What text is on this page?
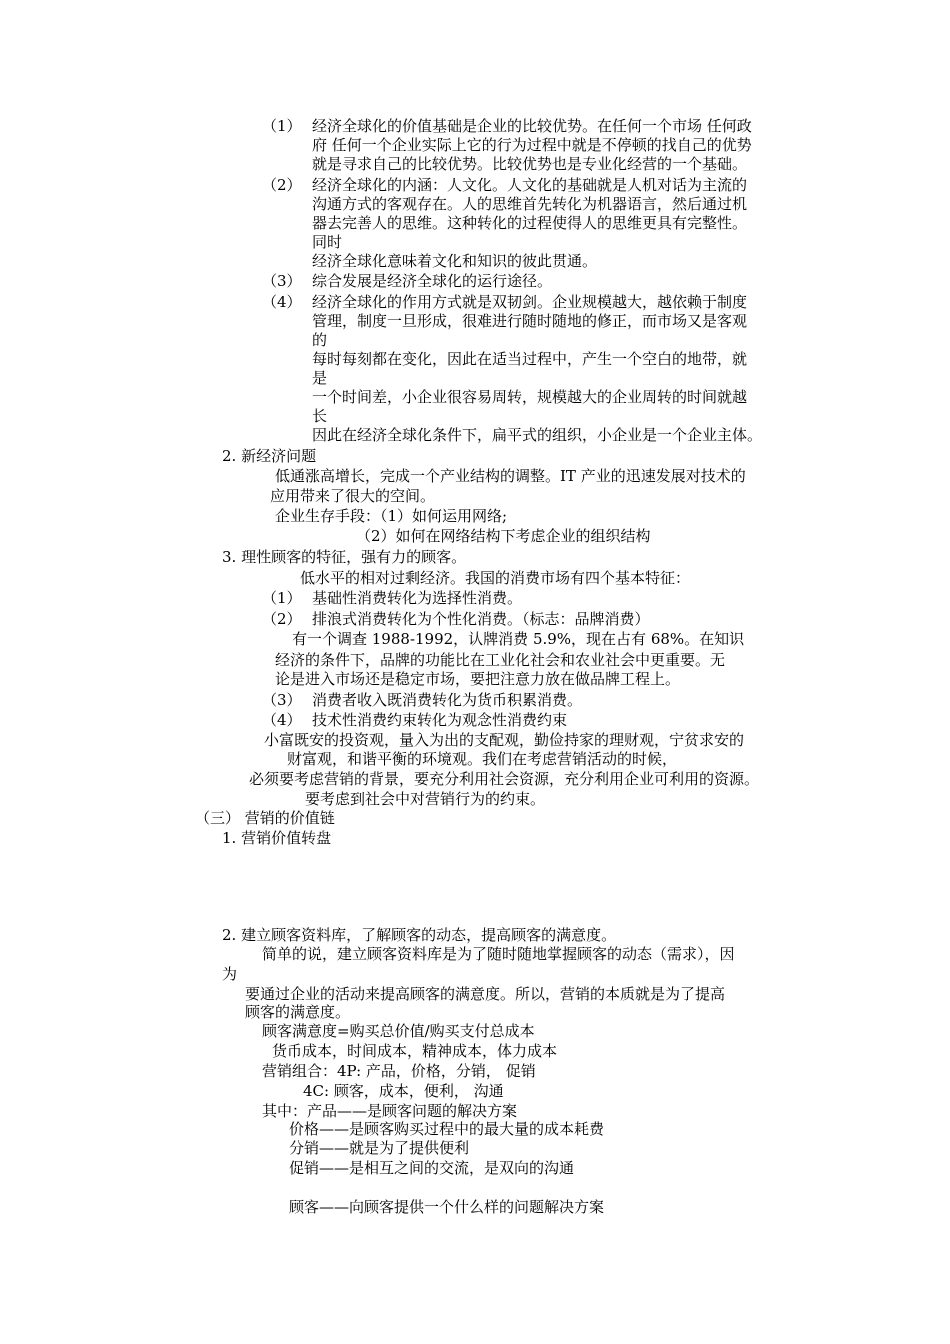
（1） 经济全球化的价值基础是企业的比较优势。在任何一个市场 任何政
府 任何一个企业实际上它的行为过程中就是不停顿的找自己的优势
就是寻求自己的比较优势。比较优势也是专业化经营的一个基础。
（2） 经济全球化的内涵：人文化。人文化的基础就是人机对话为主流的
沟通方式的客观存在。人的思维首先转化为机器语言，然后通过机
器去完善人的思维。这种转化的过程使得人的思维更具有完整性。
同时
经济全球化意味着文化和知识的彼此贯通。
（3） 综合发展是经济全球化的运行途径。
（4） 经济全球化的作用方式就是双韧剑。企业规模越大，越依赖于制度
管理，制度一旦形成，很难进行随时随地的修正，而市场又是客观
的
每时每刻都在变化，因此在适当过程中，产生一个空白的地带，就
是
一个时间差，小企业很容易周转，规模越大的企业周转的时间就越
长
因此在经济全球化条件下，扁平式的组织，小企业是一个企业主体。
2. 新经济问题
低通涨高增长，完成一个产业结构的调整。IT 产业的迅速发展对技术的
应用带来了很大的空间。
企业生存手段：（1）如何运用网络;
（2）如何在网络结构下考虑企业的组织结构
3. 理性顾客的特征，强有力的顾客。
低水平的相对过剩经济。我国的消费市场有四个基本特征：
（1） 基础性消费转化为选择性消费。
（2） 排浪式消费转化为个性化消费。（标志：品牌消费）
有一个调查 1988-1992，认牌消费 5.9%，现在占有 68%。在知识
经济的条件下，品牌的功能比在工业化社会和农业社会中更重要。无
论是进入市场还是稳定市场，要把注意力放在做品牌工程上。
（3） 消费者收入既消费转化为货币积累消费。
（4） 技术性消费约束转化为观念性消费约束
小富既安的投资观，量入为出的支配观，勤俭持家的理财观，宁贫求安的
财富观，和谐平衡的环境观。我们在考虑营销活动的时候，
必须要考虑营销的背景，要充分利用社会资源，充分利用企业可利用的资源。
要考虑到社会中对营销行为的约束。
（三） 营销的价值链
1. 营销价值转盘
2. 建立顾客资料库，了解顾客的动态，提高顾客的满意度。
简单的说，建立顾客资料库是为了随时随地掌握顾客的动态（需求），因
为
要通过企业的活动来提高顾客的满意度。所以，营销的本质就是为了提高
顾客的满意度。
顾客满意度=购买总价值/购买支付总成本
货币成本，时间成本，精神成本，体力成本
营销组合：4P: 产品，价格，分销， 促销
4C: 顾客，成本，便利， 沟通
其中：产品——是顾客问题的解决方案
价格——是顾客购买过程中的最大量的成本耗费
分销——就是为了提供便利
促销——是相互之间的交流，是双向的沟通
顾客——向顾客提供一个什么样的问题解决方案
